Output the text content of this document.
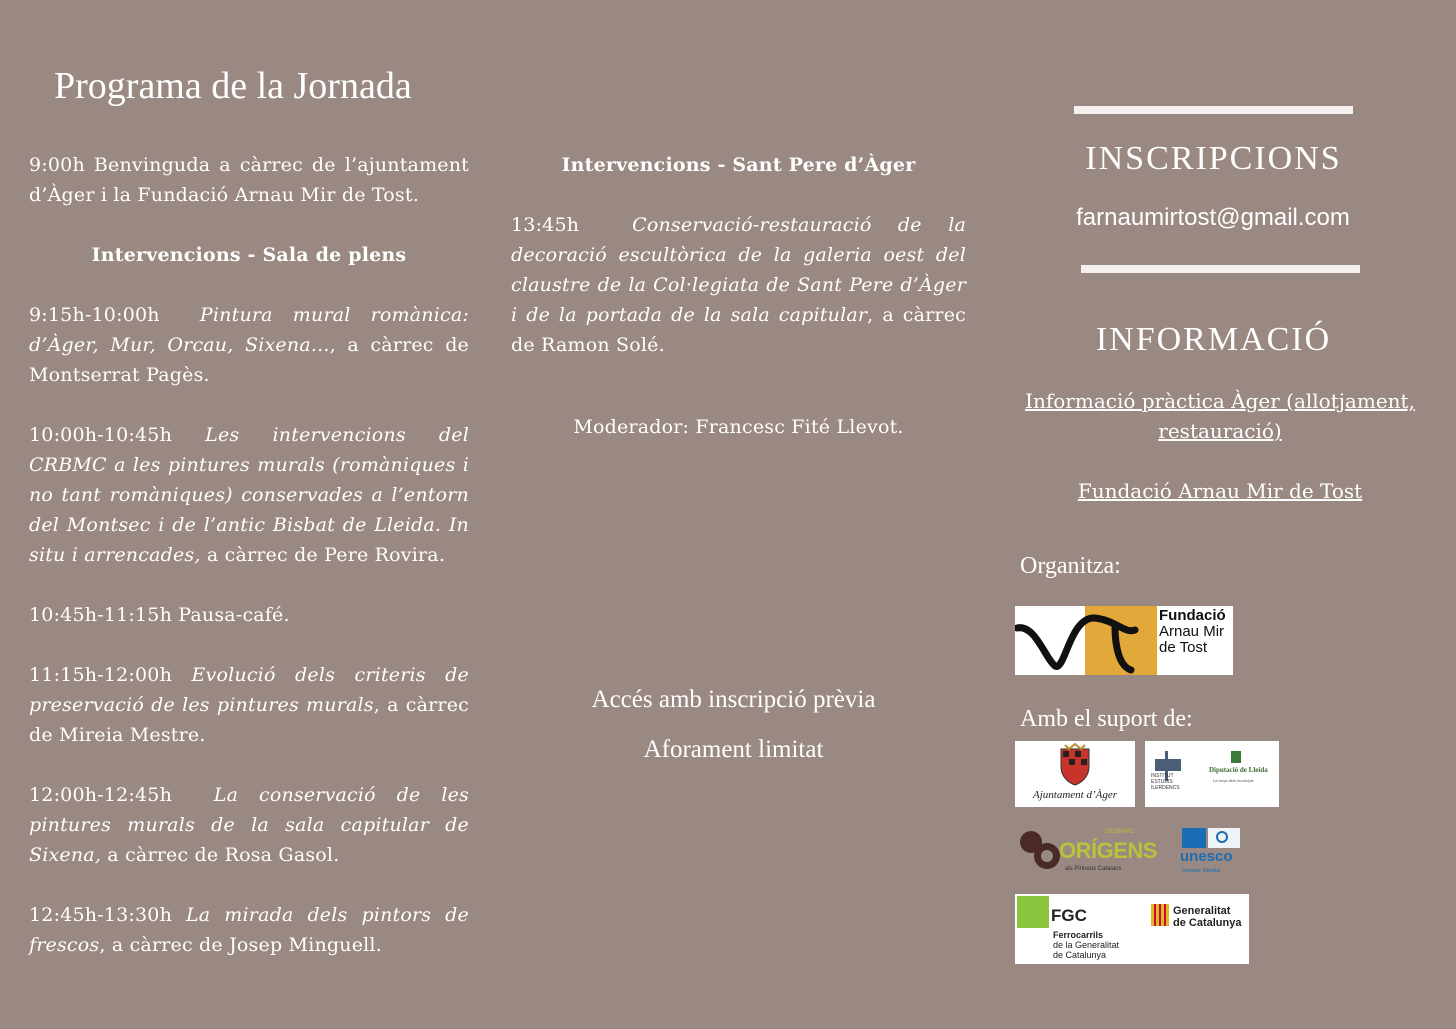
Programa de la Jornada

9:00h Benvinguda a càrrec de l’ajuntament d’Àger i la Fundació Arnau Mir de Tost.

Intervencions - Sala de plens

9:15h-10:00h Pintura mural romànica: d’Àger, Mur, Orcau, Sixena..., a càrrec de Montserrat Pagès.

10:00h-10:45h Les intervencions del CRBMC a les pintures murals (romàniques i no tant romàniques) conservades a l’entorn del Montsec i de l’antic Bisbat de Lleida. In situ i arrencades, a càrrec de Pere Rovira.

10:45h-11:15h Pausa-café.

11:15h-12:00h Evolució dels criteris de preservació de les pintures murals, a càrrec de Mireia Mestre.

12:00h-12:45h La conservació de les pintures murals de la sala capitular de Sixena, a càrrec de Rosa Gasol.

12:45h-13:30h La mirada dels pintors de frescos, a càrrec de Josep Minguell.

Intervencions - Sant Pere d’Àger

13:45h	Conservació-restauració de la decoració escultòrica de la galeria oest del claustre de la Col·legiata de Sant Pere d’Àger i de la portada de la sala capitular, a càrrec de Ramon Solé.

Moderador: Francesc Fité Llevot.

Accés amb inscripció prèvia
Aforament limitat
INSCRIPCIONS
farnaumirtost@gmail.com
INFORMACIÓ
Informació pràctica Àger (allotjament, restauració)
Fundació Arnau Mir de Tost
Organitza:
Fundació
Arnau Mir
de Tost
Amb el suport de:
Ajuntament d’Àger
INSTITUT
ESTUDIS
ILERDENCS
Diputació de Lleida
La força dels municipis
GEOPARC
ORÍGENS
als Pirineus Catalans
unesco
Geoparc Mundial
FGC
Ferrocarrils
de la Generalitat
de Catalunya
Generalitat
de Catalunya
